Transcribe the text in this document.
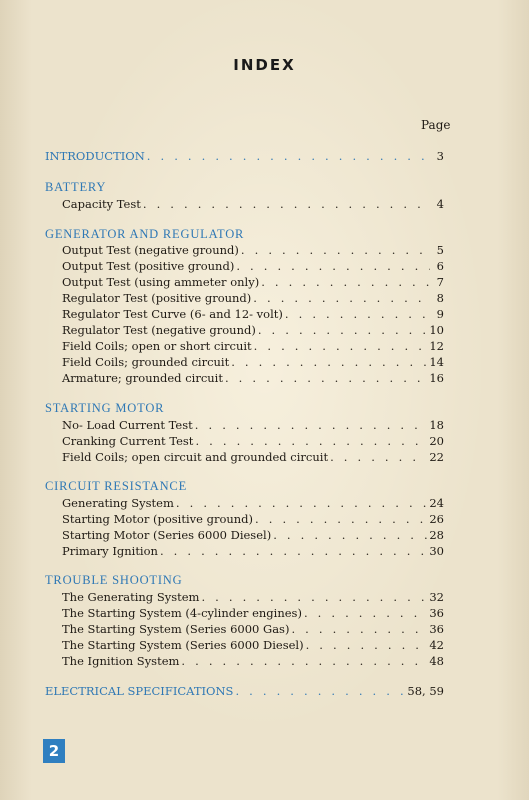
INDEX
Page
INTRODUCTION . . .	3
BATTERY
Capacity Test . . .	4
GENERATOR AND REGULATOR
Output Test (negative ground) . . .	5
Output Test (positive ground) . . .	6
Output Test (using ammeter only) . . .	7
Regulator Test (positive ground) . . .	8
Regulator Test Curve (6- and 12- volt) . . .	9
Regulator Test (negative ground) . . .	10
Field Coils; open or short circuit . . .	12
Field Coils; grounded circuit . . .	14
Armature; grounded circuit . . .	16
STARTING MOTOR
No- Load Current Test . . .	18
Cranking Current Test . . .	20
Field Coils; open circuit and grounded circuit . . .	22
CIRCUIT RESISTANCE
Generating System . . .	24
Starting Motor (positive ground) . . .	26
Starting Motor (Series 6000 Diesel) . . .	28
Primary Ignition . . .	30
TROUBLE SHOOTING
The Generating System . . .	32
The Starting System (4-cylinder engines) . . .	36
The Starting System (Series 6000 Gas) . . .	36
The Starting System (Series 6000 Diesel) . . .	42
The Ignition System . . .	48
ELECTRICAL SPECIFICATIONS . . .	58, 59
2
